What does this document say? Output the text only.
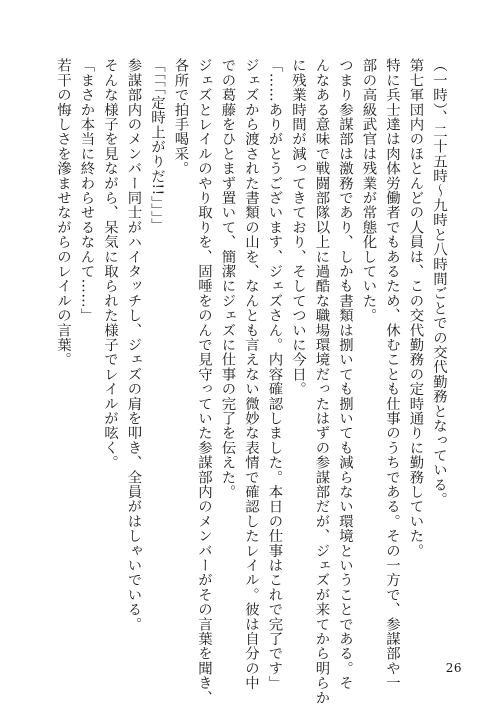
（一時）、二十五時～九時と八時間ごとでの交代勤務となっている。
第七軍団内のほとんどの人員は、この交代勤務の定時通りに勤務していた。
特に兵士達は肉体労働者でもあるため、休むことも仕事のうちである。その一方で、参謀部や一
部の高級武官は残業が常態化していた。
つまり参謀部は激務であり、しかも書類は捌いても捌いても減らない環境ということである。そ
んなある意味で戦闘部隊以上に過酷な職場環境だったはずの参謀部だが、ジェズが来てから明らか
に残業時間が減ってきており、そしてついに今日。
「……ありがとうございます、ジェズさん。内容確認しました。本日の仕事はこれで完了です」
ジェズから渡された書類の山を、なんとも言えない微妙な表情で確認したレイル。彼は自分の中
での葛藤をひとまず置いて、簡潔にジェズに仕事の完了を伝えた。
ジェズとレイルのやり取りを、固唾をのんで見守っていた参謀部内のメンバーがその言葉を聞き、
各所で拍手喝采。
「「「「定時上がりだ!!」」」」
参謀部内のメンバー同士がハイタッチし、ジェズの肩を叩き、全員がはしゃいでいる。
そんな様子を見ながら、呆気に取られた様子でレイルが呟く。
「まさか本当に終わらせるなんて……」
若干の悔しさを滲ませながらのレイルの言葉。
26
